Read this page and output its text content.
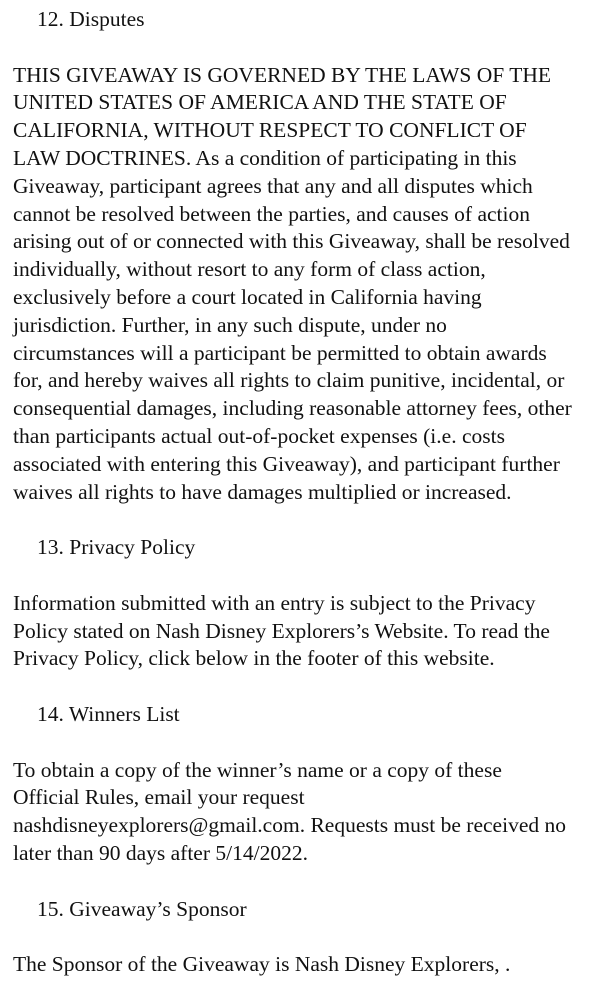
12. Disputes

THIS GIVEAWAY IS GOVERNED BY THE LAWS OF THE
UNITED STATES OF AMERICA AND THE STATE OF
CALIFORNIA, WITHOUT RESPECT TO CONFLICT OF
LAW DOCTRINES. As a condition of participating in this
Giveaway, participant agrees that any and all disputes which
cannot be resolved between the parties, and causes of action
arising out of or connected with this Giveaway, shall be resolved
individually, without resort to any form of class action,
exclusively before a court located in California having
jurisdiction. Further, in any such dispute, under no
circumstances will a participant be permitted to obtain awards
for, and hereby waives all rights to claim punitive, incidental, or
consequential damages, including reasonable attorney fees, other
than participants actual out-of-pocket expenses (i.e. costs
associated with entering this Giveaway), and participant further
waives all rights to have damages multiplied or increased.

13. Privacy Policy

Information submitted with an entry is subject to the Privacy
Policy stated on Nash Disney Explorers’s Website. To read the
Privacy Policy, click below in the footer of this website.

14. Winners List

To obtain a copy of the winner’s name or a copy of these
Official Rules, email your request
nashdisneyexplorers@gmail.com. Requests must be received no
later than 90 days after 5/14/2022.

15. Giveaway’s Sponsor

The Sponsor of the Giveaway is Nash Disney Explorers, .
